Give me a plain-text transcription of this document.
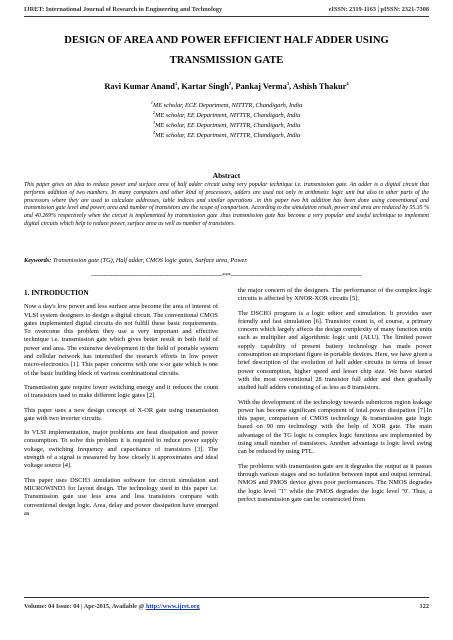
IJRET: International Journal of Research in Engineering and Technology	eISSN: 2319-1163 | pISSN: 2321-7308
DESIGN OF AREA AND POWER EFFICIENT HALF ADDER USING TRANSMISSION GATE
Ravi Kumar Anand$^1$, Kartar Singh$^2$, Pankaj Verma$^3$, Ashish Thakur$^4$
$^1$ME scholar, ECE Department, NITTTR, Chandigarh, India
$^2$ME scholar, EE Department, NITTTR, Chandigarh, India
$^3$ME scholar, EE Department, NITTTR, Chandigarh, India
$^4$ME scholar, EE Department, NITTTR, Chandigarh, India
Abstract
This paper gives an idea to reduce power and surface area of half adder circuit using very popular technique i.e. transmission gate. An adder is a digital circuit that performs addition of two numbers. In many computers and other kind of processors, adders are used not only in arithmetic logic unit but also in other parts of the processors where they are used to calculate addresses, table indices and similar operations .in this paper two bit addition has been done using conventional and transmission gate level and power, area and number of transistors are the scope of comparison. According to the simulation result, power and area are reduced by 55.35 % and 40.269% respectively when the circuit is implemented by transmission gate .thus transmission gate has become a very popular and useful technique to implement digital circuits which help to reduce power, surface area as well as number of transistors.
Keywords: Transmission gate (TG), Half adder, CMOS logic gates, Surface area, Power.
-------------------------------------------------------------------------***-------------------------------------------------------------------------
1. INTRODUCTION

Now a day's low power and less surface area become the area of interest of VLSI system designers to design a digital circuit. The conventional CMOS gates implemented digital circuits do not fulfill these basic requirements. To overcome this problem they use a very important and effective technique i.e. transmission gate which gives better result in both field of power and area. The extensive development in the field of portable system and cellular network has intensified the research efforts in low power micro-electronics [1]. This paper concerns with one x-or gate which is one of the basic building block of various combinational circuits.

Transmission gate require lower switching energy and it reduces the count of transistors used to make different logic gates [2].

This paper uses a new design concept of X-OR gate using transmission gate with two inverter circuits.

In VLSI implementation, major problems are heat dissipation and power consumption. To solve this problem it is required to reduce power supply voltage, switching frequency and capacitance of transistors [3]. The strength of a signal is measured by how closely it approximates and ideal voltage source [4].

This paper uses DSCH3 simulation software for circuit simulation and MICROWIND3 for layout design. The technology used in this paper i.e. Transmission gate use less area and less transistors compare with conventional design logic. Area, delay and power dissipation have emerged as

the major concern of the designers. The performance of the complex logic circuits is affected by XNOR-XOR circuits [5].

The DSCH3 program is a logic editor and simulation. It provides user friendly and fast simulation [6]. Transistor count is, of course, a primary concern which largely affects the design complexity of many function units such as multiplier and algorithmic logic unit (ALU). The limited power supply capability of present battery technology has made power consumption an important figure in portable devices. Here, we have given a brief description of the evolution of half adder circuits in terms of lesser power consumption, higher speed and lesser chip size. We have started with the most conventional 28 transistor full adder and then gradually studied half adders consisting of as less as 8 transistors.

With the development of the technology towards submicron region leakage power has become significant component of total power dissipation [7].In this paper, comparison of CMOS technology & transmission gate logic based on 90 nm technology with the help of XOR gate. The main advantage of the TG logic is complex logic functions are implemented by using small number of transistors. Another advantage is logic level swing can be reduced by using PTL.

The problems with transmission gate are it degrades the output as it passes through various stages and no isolation between input and output terminal. NMOS and PMOS device gives poor performances. The NMOS degrades the logic level "1" while the PMOS degrades the logic level "0'. Thus, a perfect transmission gate can be constructed from

Volume: 04 Issue: 04 | Apr-2015, Available @ http://www.ijret.org	122
